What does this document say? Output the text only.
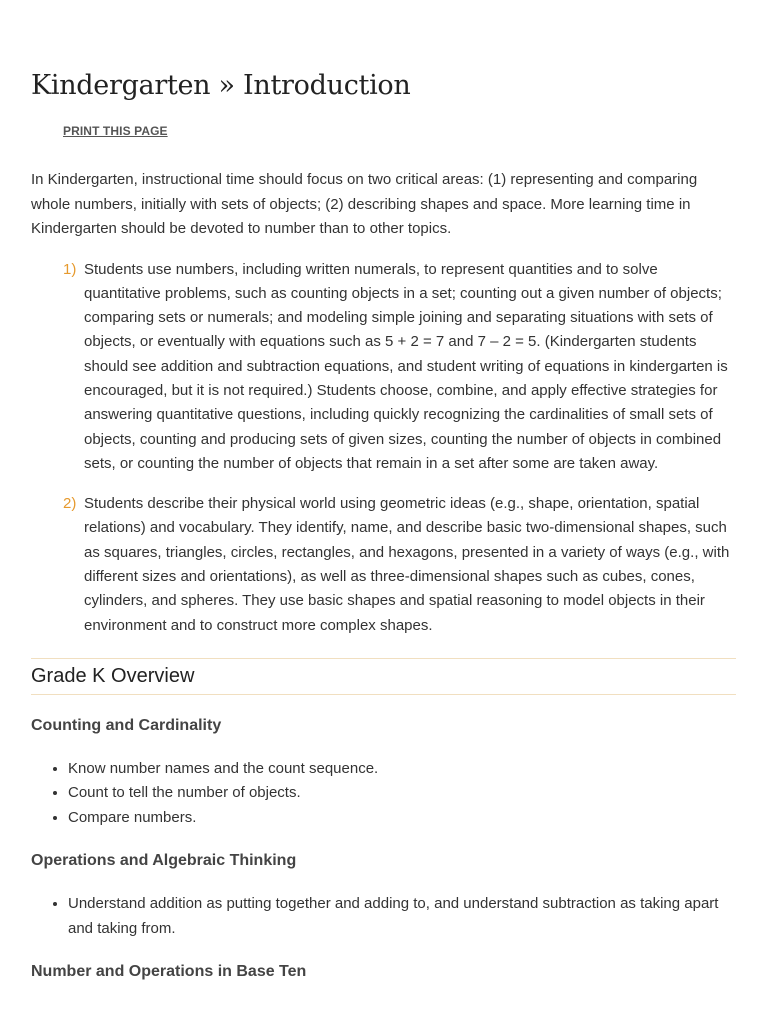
Kindergarten » Introduction
PRINT THIS PAGE

In Kindergarten, instructional time should focus on two critical areas: (1) representing and comparing whole numbers, initially with sets of objects; (2) describing shapes and space. More learning time in Kindergarten should be devoted to number than to other topics.

1) Students use numbers, including written numerals, to represent quantities and to solve quantitative problems, such as counting objects in a set; counting out a given number of objects; comparing sets or numerals; and modeling simple joining and separating situations with sets of objects, or eventually with equations such as 5 + 2 = 7 and 7 – 2 = 5. (Kindergarten students should see addition and subtraction equations, and student writing of equations in kindergarten is encouraged, but it is not required.) Students choose, combine, and apply effective strategies for answering quantitative questions, including quickly recognizing the cardinalities of small sets of objects, counting and producing sets of given sizes, counting the number of objects in combined sets, or counting the number of objects that remain in a set after some are taken away.
2) Students describe their physical world using geometric ideas (e.g., shape, orientation, spatial relations) and vocabulary. They identify, name, and describe basic two-dimensional shapes, such as squares, triangles, circles, rectangles, and hexagons, presented in a variety of ways (e.g., with different sizes and orientations), as well as three-dimensional shapes such as cubes, cones, cylinders, and spheres. They use basic shapes and spatial reasoning to model objects in their environment and to construct more complex shapes.
Grade K Overview
Counting and Cardinality
• Know number names and the count sequence.
• Count to tell the number of objects.
• Compare numbers.
Operations and Algebraic Thinking
• Understand addition as putting together and adding to, and understand subtraction as taking apart and taking from.
Number and Operations in Base Ten
